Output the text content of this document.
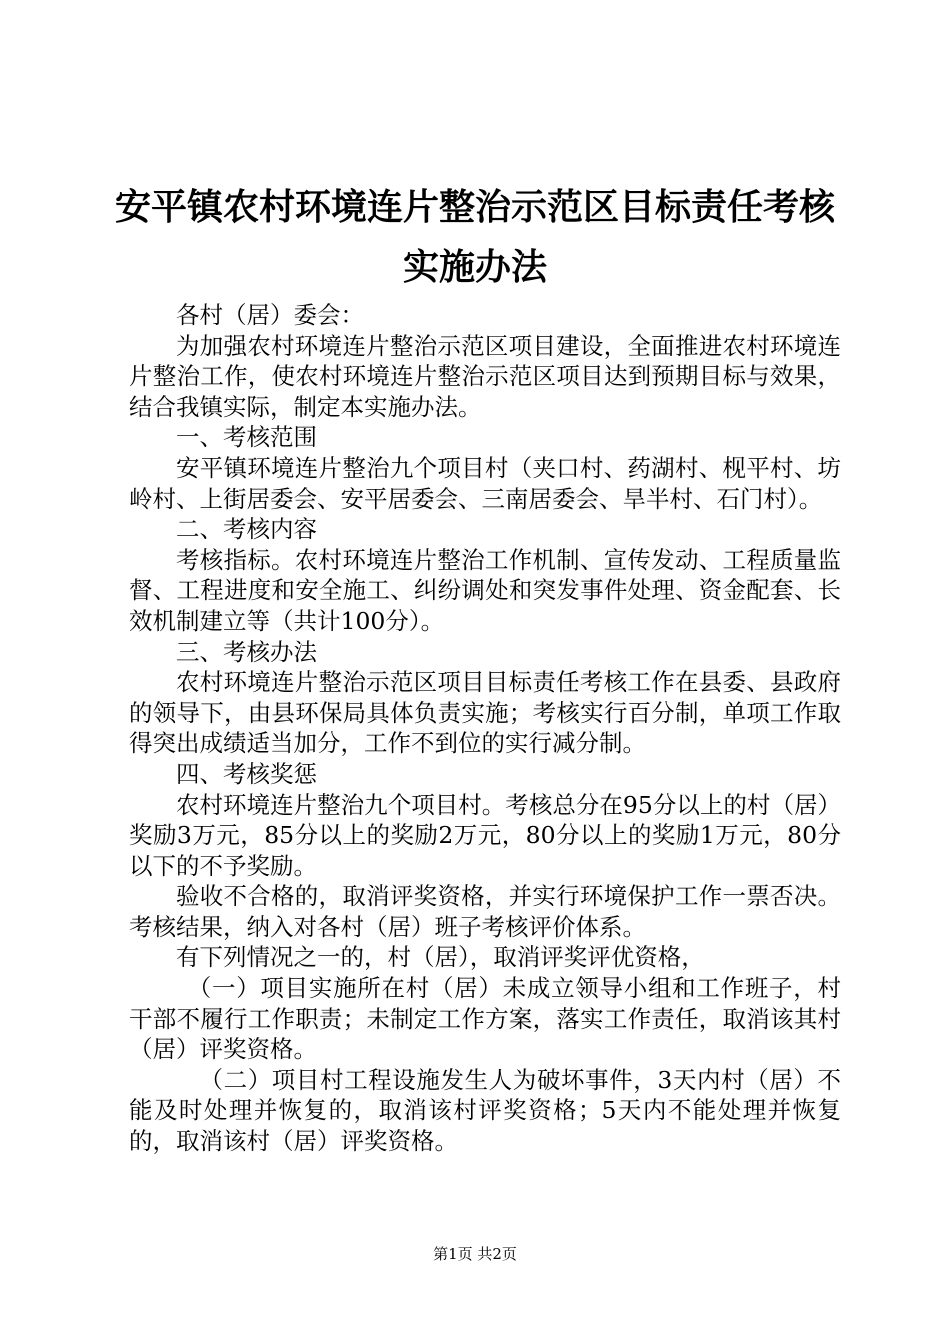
安平镇农村环境连片整治示范区目标责任考核
实施办法

各村（居）委会：

为加强农村环境连片整治示范区项目建设，全面推进农村环境连片整治工作，使农村环境连片整治示范区项目达到预期目标与效果，结合我镇实际，制定本实施办法。

一、考核范围

安平镇环境连片整治九个项目村（夹口村、药湖村、枧平村、坊岭村、上街居委会、安平居委会、三南居委会、旱半村、石门村）。

二、考核内容

考核指标。农村环境连片整治工作机制、宣传发动、工程质量监督、工程进度和安全施工、纠纷调处和突发事件处理、资金配套、长效机制建立等（共计100分）。

三、考核办法

农村环境连片整治示范区项目目标责任考核工作在县委、县政府的领导下，由县环保局具体负责实施；考核实行百分制，单项工作取得突出成绩适当加分，工作不到位的实行减分制。

四、考核奖惩

农村环境连片整治九个项目村。考核总分在95分以上的村（居）奖励3万元，85分以上的奖励2万元，80分以上的奖励1万元，80分以下的不予奖励。

验收不合格的，取消评奖资格，并实行环境保护工作一票否决。考核结果，纳入对各村（居）班子考核评价体系。

有下列情况之一的，村（居），取消评奖评优资格，

（一）项目实施所在村（居）未成立领导小组和工作班子，村干部不履行工作职责；未制定工作方案，落实工作责任，取消该其村（居）评奖资格。

（二）项目村工程设施发生人为破坏事件，3天内村（居）不能及时处理并恢复的，取消该村评奖资格；5天内不能处理并恢复的，取消该村（居）评奖资格。

第1页 共2页
